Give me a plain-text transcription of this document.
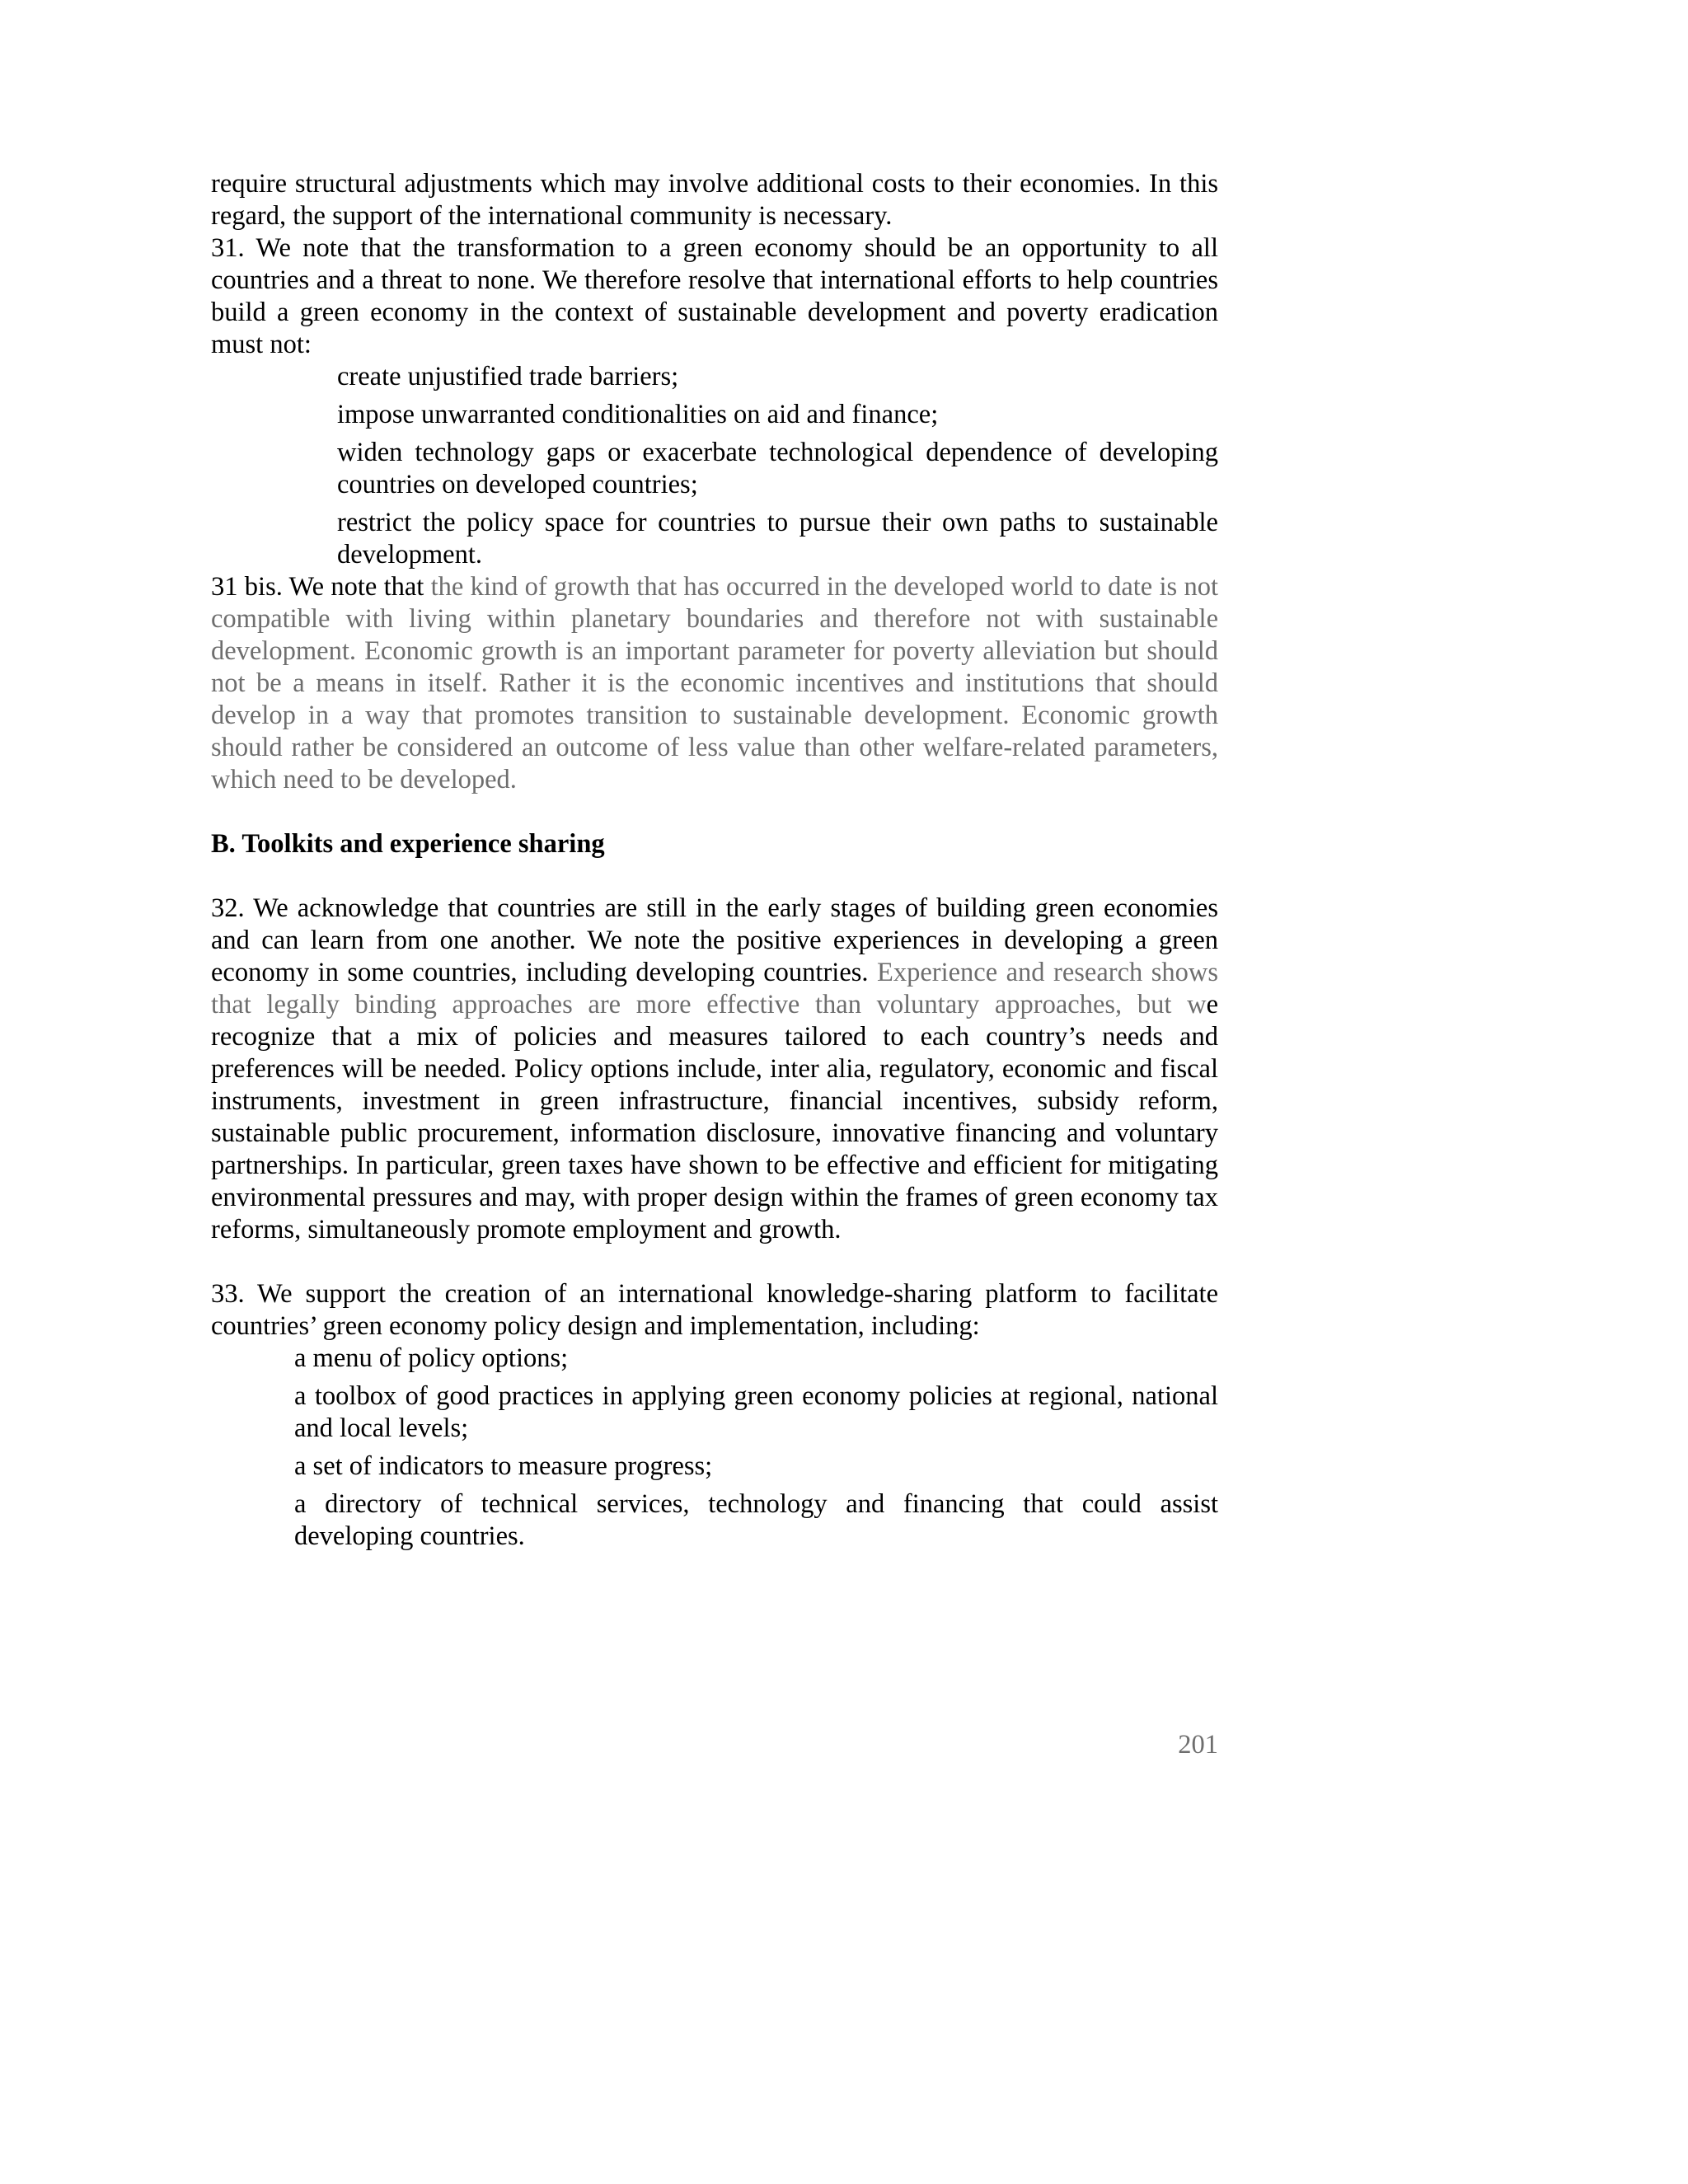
require structural adjustments which may involve additional costs to their economies. In this regard, the support of the international community is necessary.

31. We note that the transformation to a green economy should be an opportunity to all countries and a threat to none. We therefore resolve that international efforts to help countries build a green economy in the context of sustainable development and poverty eradication must not:

create unjustified trade barriers;
impose unwarranted conditionalities on aid and finance;
widen technology gaps or exacerbate technological dependence of developing countries on developed countries;
restrict the policy space for countries to pursue their own paths to sustainable development.

31 bis. We note that the kind of growth that has occurred in the developed world to date is not compatible with living within planetary boundaries and therefore not with sustainable development. Economic growth is an important parameter for poverty alleviation but should not be a means in itself. Rather it is the economic incentives and institutions that should develop in a way that promotes transition to sustainable development. Economic growth should rather be considered an outcome of less value than other welfare-related parameters, which need to be developed.

B. Toolkits and experience sharing

32. We acknowledge that countries are still in the early stages of building green economies and can learn from one another. We note the positive experiences in developing a green economy in some countries, including developing countries. Experience and research shows that legally binding approaches are more effective than voluntary approaches, but we recognize that a mix of policies and measures tailored to each country’s needs and preferences will be needed. Policy options include, inter alia, regulatory, economic and fiscal instruments, investment in green infrastructure, financial incentives, subsidy reform, sustainable public procurement, information disclosure, innovative financing and voluntary partnerships. In particular, green taxes have shown to be effective and efficient for mitigating environmental pressures and may, with proper design within the frames of green economy tax reforms, simultaneously promote employment and growth.

33. We support the creation of an international knowledge-sharing platform to facilitate countries’ green economy policy design and implementation, including:

a menu of policy options;
a toolbox of good practices in applying green economy policies at regional, national and local levels;
a set of indicators to measure progress;
a directory of technical services, technology and financing that could assist developing countries.
201
